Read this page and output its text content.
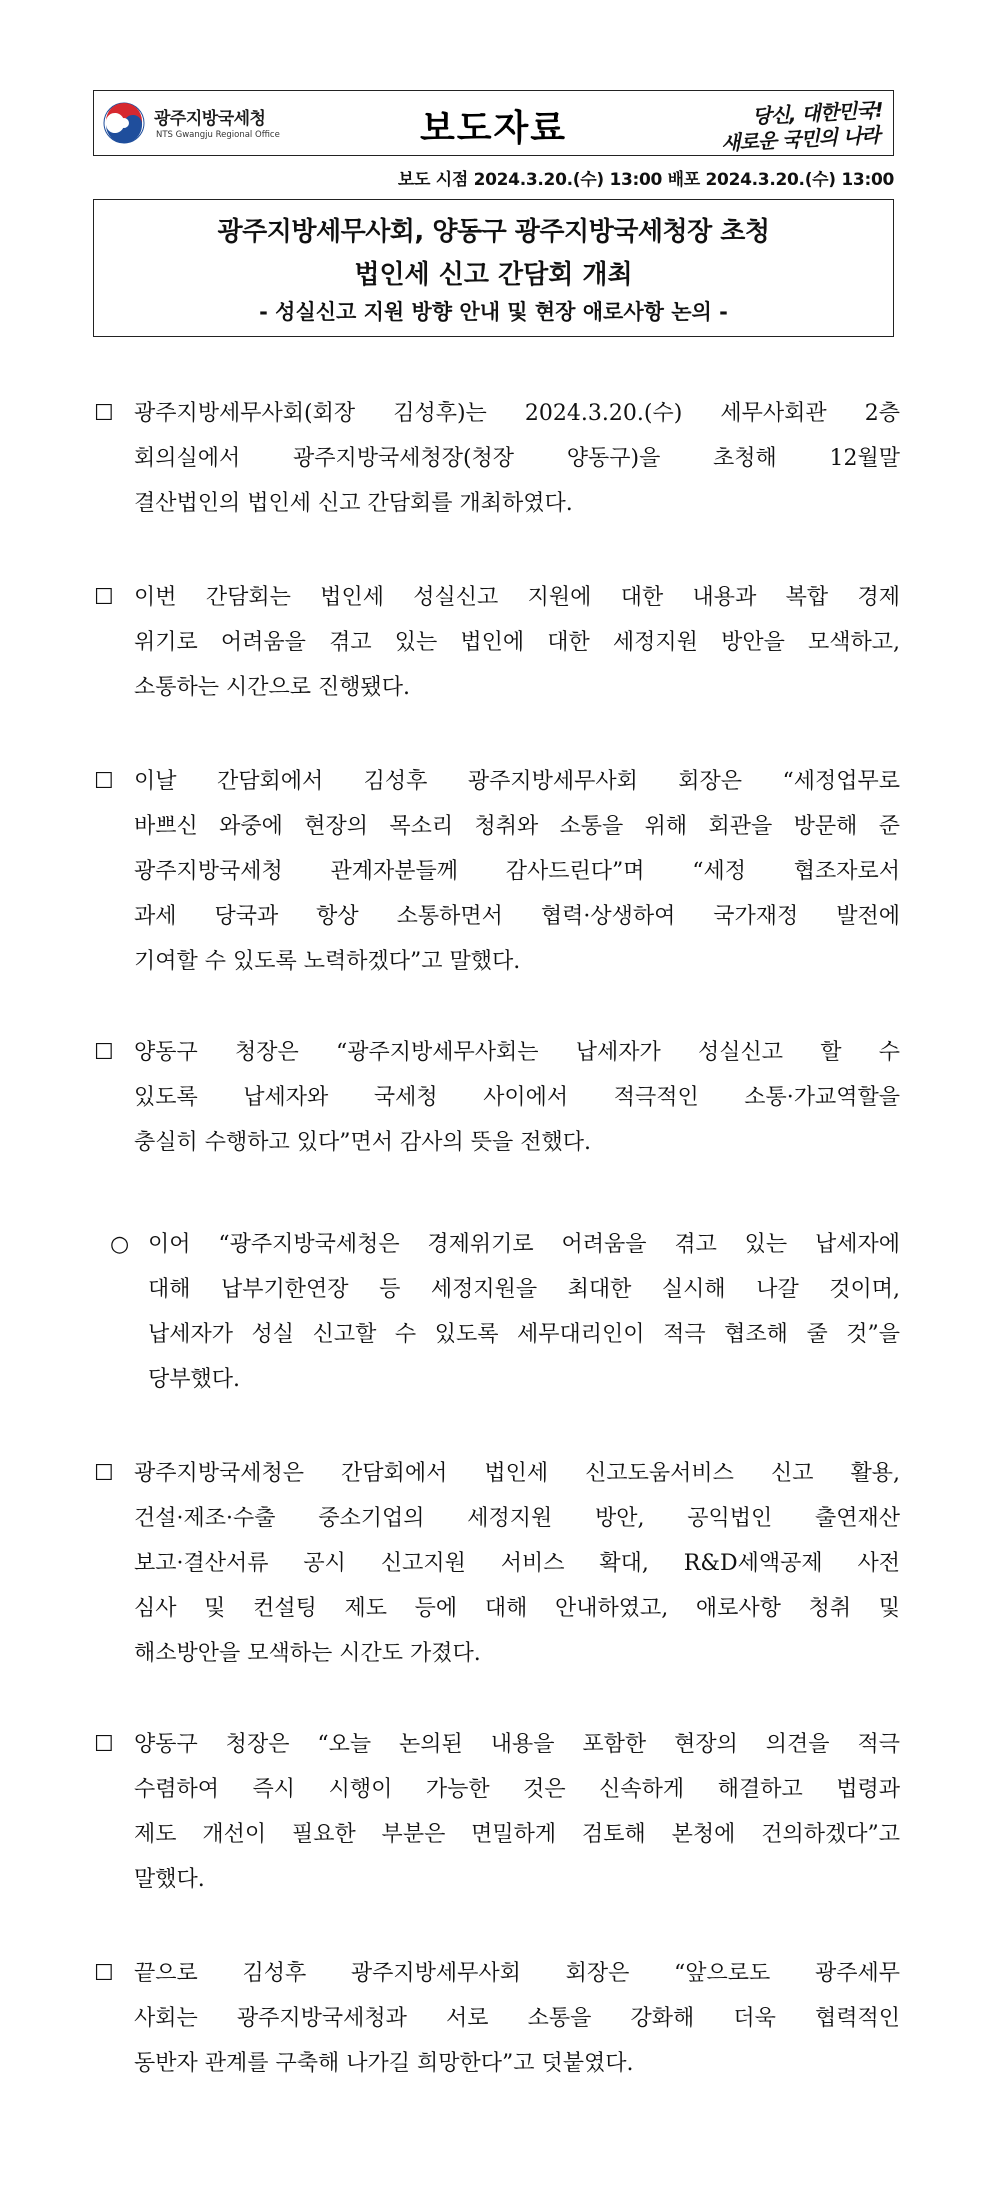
광주지방국세청
NTS Gwangju Regional Office	보도자료	당신, 대한민국!
새로운 국민의 나라
보도 시점 2024.3.20.(수) 13:00 배포 2024.3.20.(수) 13:00
광주지방세무사회, 양동구 광주지방국세청장 초청
법인세 신고 간담회 개최
- 성실신고 지원 방향 안내 및 현장 애로사항 논의 -
☐ 광주지방세무사회(회장 김성후)는 2024.3.20.(수) 세무사회관 2층
회의실에서 광주지방국세청장(청장 양동구)을 초청해 12월말
결산법인의 법인세 신고 간담회를 개최하였다.
☐ 이번 간담회는 법인세 성실신고 지원에 대한 내용과 복합 경제
위기로 어려움을 겪고 있는 법인에 대한 세정지원 방안을 모색하고,
소통하는 시간으로 진행됐다.
☐ 이날 간담회에서 김성후 광주지방세무사회 회장은 “세정업무로
바쁘신 와중에 현장의 목소리 청취와 소통을 위해 회관을 방문해 준
광주지방국세청 관계자분들께 감사드린다”며 “세정 협조자로서
과세 당국과 항상 소통하면서 협력·상생하여 국가재정 발전에
기여할 수 있도록 노력하겠다”고 말했다.
☐ 양동구 청장은 “광주지방세무사회는 납세자가 성실신고 할 수
있도록 납세자와 국세청 사이에서 적극적인 소통·가교역할을
충실히 수행하고 있다”면서 감사의 뜻을 전했다.
○ 이어 “광주지방국세청은 경제위기로 어려움을 겪고 있는 납세자에
대해 납부기한연장 등 세정지원을 최대한 실시해 나갈 것이며,
납세자가 성실 신고할 수 있도록 세무대리인이 적극 협조해 줄 것”을
당부했다.
☐ 광주지방국세청은 간담회에서 법인세 신고도움서비스 신고 활용,
건설·제조·수출 중소기업의 세정지원 방안, 공익법인 출연재산
보고·결산서류 공시 신고지원 서비스 확대, R&D세액공제 사전
심사 및 컨설팅 제도 등에 대해 안내하였고, 애로사항 청취 및
해소방안을 모색하는 시간도 가졌다.
☐ 양동구 청장은 “오늘 논의된 내용을 포함한 현장의 의견을 적극
수렴하여 즉시 시행이 가능한 것은 신속하게 해결하고 법령과
제도 개선이 필요한 부분은 면밀하게 검토해 본청에 건의하겠다”고
말했다.
☐ 끝으로 김성후 광주지방세무사회 회장은 “앞으로도 광주세무
사회는 광주지방국세청과 서로 소통을 강화해 더욱 협력적인
동반자 관계를 구축해 나가길 희망한다”고 덧붙였다.
